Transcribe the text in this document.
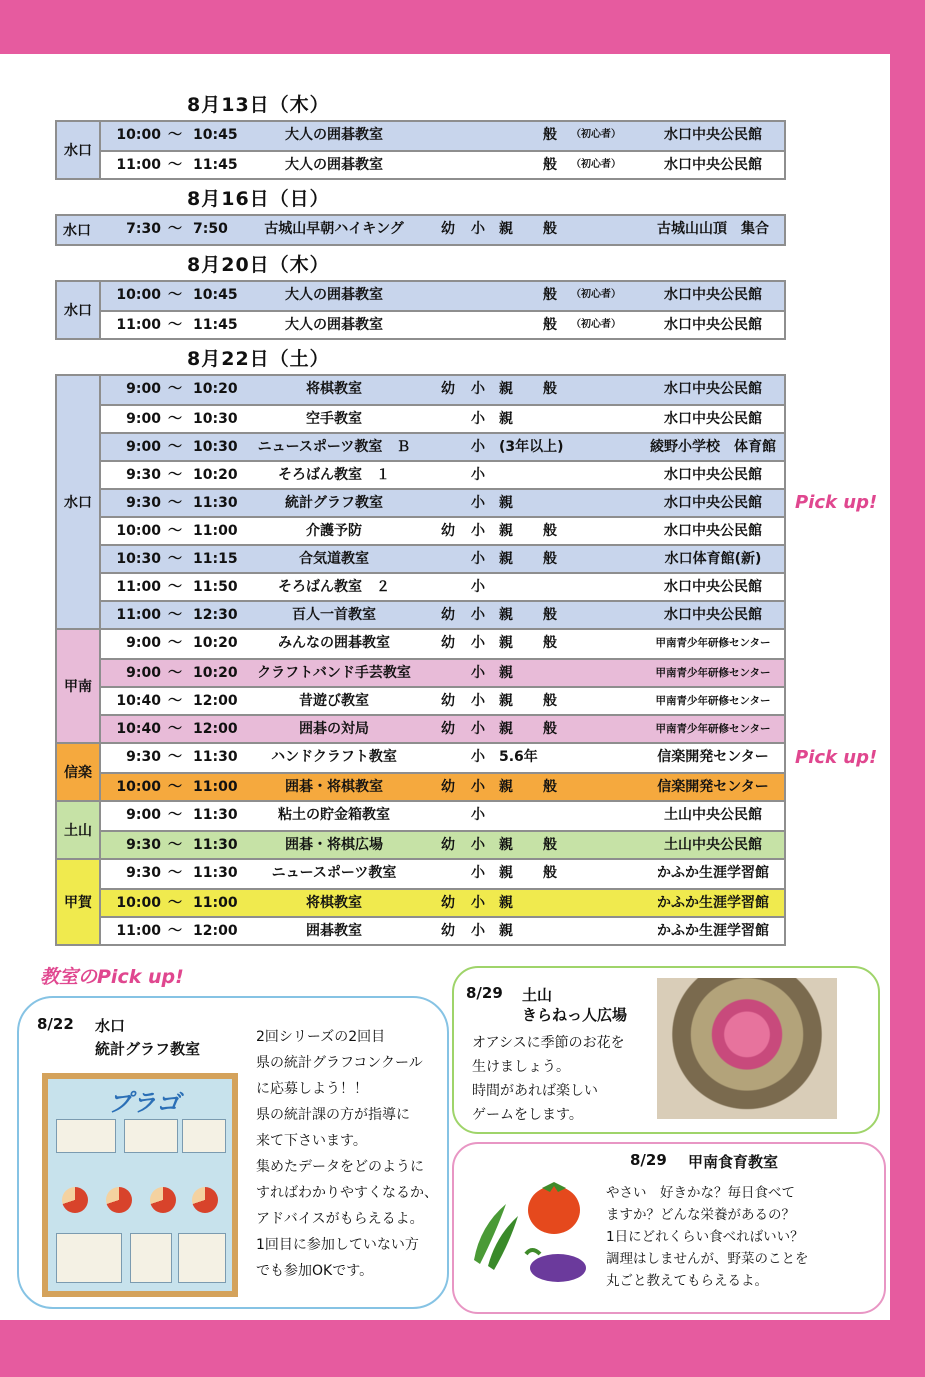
8月13日（木）
水口
10:00 ～ 10:45	大人の囲碁教室	般	（初心者）	水口中央公民館
11:00 ～ 11:45	大人の囲碁教室	般	（初心者）	水口中央公民館
8月16日（日）
水口	7:30 ～ 7:50	古城山早朝ハイキング	幼	小	親	般	古城山山頂　集合
8月20日（木）
水口
10:00 ～ 10:45	大人の囲碁教室	般	（初心者）	水口中央公民館
11:00 ～ 11:45	大人の囲碁教室	般	（初心者）	水口中央公民館
8月22日（土）
水口
9:00 ～ 10:20	将棋教室	幼	小	親	般	水口中央公民館
9:00 ～ 10:30	空手教室	小	親	水口中央公民館
9:00 ～ 10:30	ニュースポーツ教室　Ｂ	小	(3年以上)	綾野小学校　体育館
9:30 ～ 10:20	そろばん教室　１	小	水口中央公民館
9:30 ～ 11:30	統計グラフ教室	小	親	水口中央公民館
10:00 ～ 11:00	介護予防	幼	小	親	般	水口中央公民館
10:30 ～ 11:15	合気道教室	小	親	般	水口体育館(新)
11:00 ～ 11:50	そろばん教室　２	小	水口中央公民館
11:00 ～ 12:30	百人一首教室	幼	小	親	般	水口中央公民館
甲南
9:00 ～ 10:20	みんなの囲碁教室	幼	小	親	般	甲南青少年研修センター
9:00 ～ 10:20	クラフトバンド手芸教室	小	親	甲南青少年研修センター
10:40 ～ 12:00	昔遊び教室	幼	小	親	般	甲南青少年研修センター
10:40 ～ 12:00	囲碁の対局	幼	小	親	般	甲南青少年研修センター
信楽
9:30 ～ 11:30	ハンドクラフト教室	小	5.6年	信楽開発センター
10:00 ～ 11:00	囲碁・将棋教室	幼	小	親	般	信楽開発センター
土山
9:00 ～ 11:30	粘土の貯金箱教室	小	土山中央公民館
9:30 ～ 11:30	囲碁・将棋広場	幼	小	親	般	土山中央公民館
甲賀
9:30 ～ 11:30	ニュースポーツ教室	小	親	般	かふか生涯学習館
10:00 ～ 11:00	将棋教室	幼	小	親	かふか生涯学習館
11:00 ～ 12:00	囲碁教室	幼	小	親	かふか生涯学習館
Pick up!
Pick up!
教室のPick up!
8/22 水口
統計グラフ教室
プラゴ

2回シリーズの2回目

県の統計グラフコンクール

に応募しよう！！

県の統計課の方が指導に

来て下さいます。

集めたデータをどのように

すればわかりやすくなるか、

アドバイスがもらえるよ。

1回目に参加していない方

でも参加OKです。

8/29 土山
きらねっ人広場

オアシスに季節のお花を

生けましょう。

時間があれば楽しい

ゲームをします。

8/29 甲南食育教室

やさい　好きかな？毎日食べて

ますか？どんな栄養があるの？

1日にどれくらい食べればいい？

調理はしませんが、野菜のことを

丸ごと教えてもらえるよ。
